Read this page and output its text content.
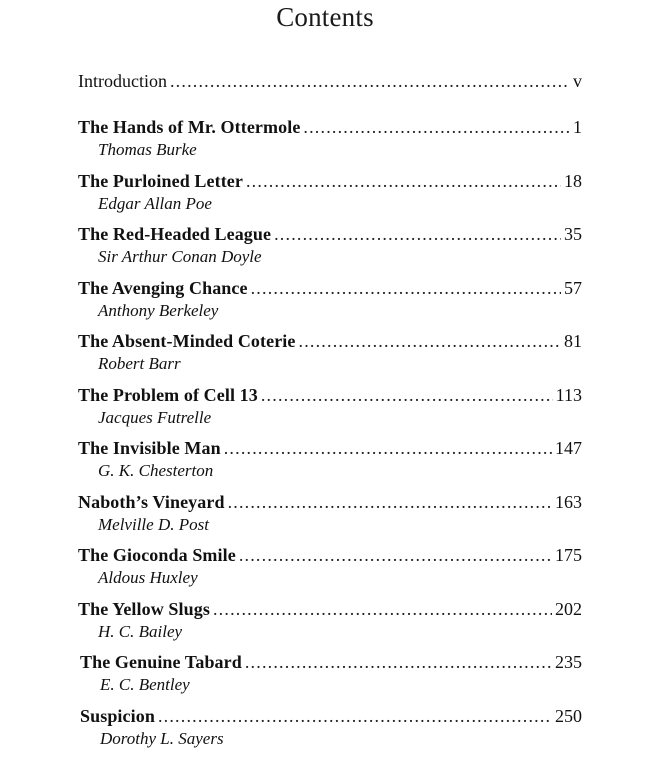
Contents
Introduction .....	v
The Hands of Mr. Ottermole .....	1
Thomas Burke
The Purloined Letter .....	18
Edgar Allan Poe
The Red-Headed League .....	35
Sir Arthur Conan Doyle
The Avenging Chance .....	57
Anthony Berkeley
The Absent-Minded Coterie .....	81
Robert Barr
The Problem of Cell 13 .....	113
Jacques Futrelle
The Invisible Man .....	147
G. K. Chesterton
Naboth’s Vineyard .....	163
Melville D. Post
The Gioconda Smile .....	175
Aldous Huxley
The Yellow Slugs .....	202
H. C. Bailey
The Genuine Tabard .....	235
E. C. Bentley
Suspicion .....	250
Dorothy L. Sayers
